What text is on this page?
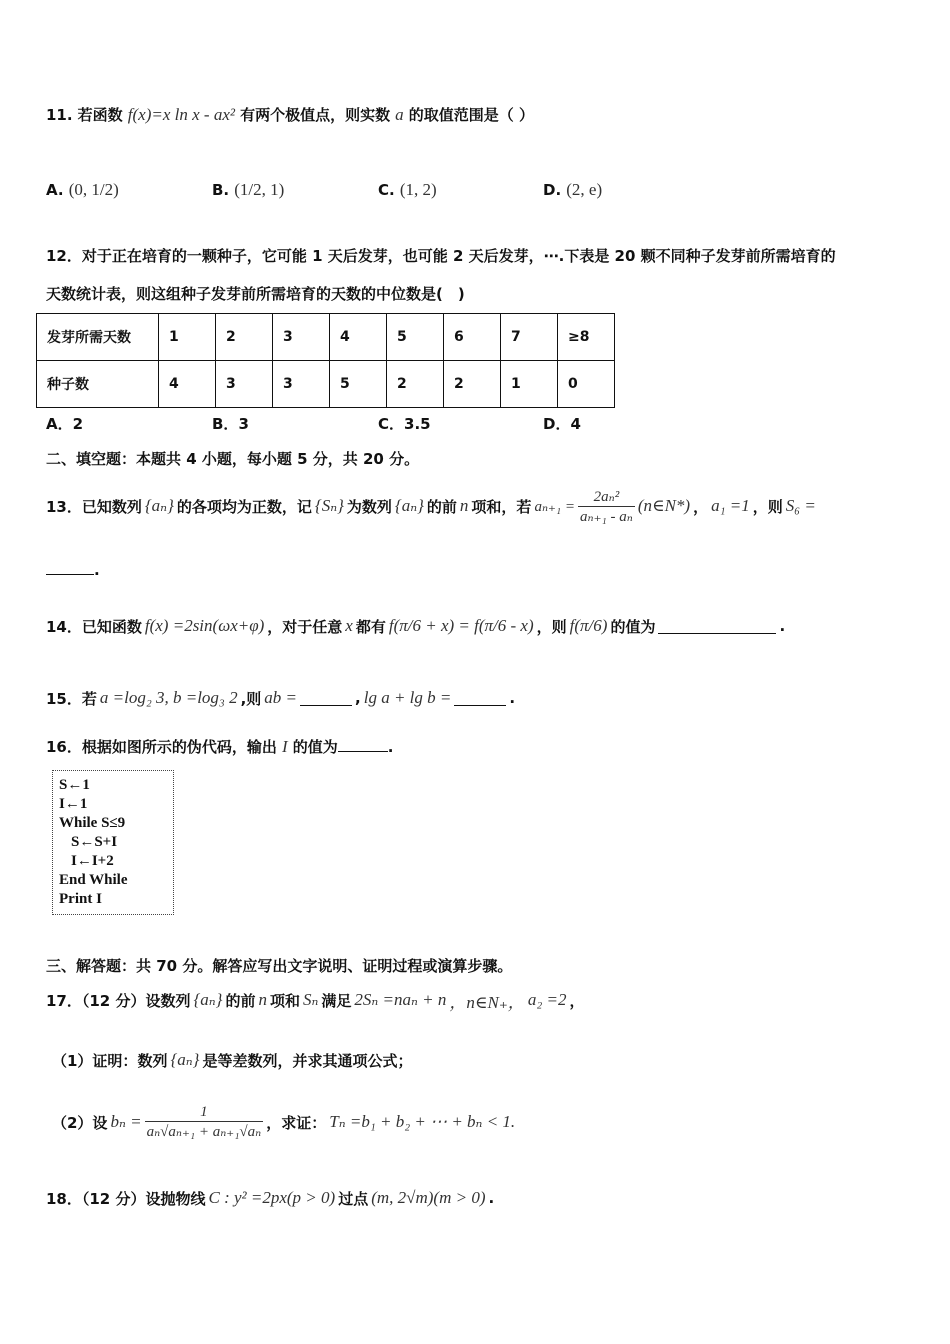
11. 若函数 f(x)=x ln x - ax² 有两个极值点，则实数 a 的取值范围是（ ）
A. (0, 1/2)	B. (1/2, 1)	C. (1, 2)	D. (2, e)
12．对于正在培育的一颗种子，它可能 1 天后发芽，也可能 2 天后发芽，⋯.下表是 20 颗不同种子发芽前所需培育的
天数统计表，则这组种子发芽前所需培育的天数的中位数是(　)
发芽所需天数	1	2	3	4	5	6	7	≥8
种子数	4	3	3	5	2	2	1	0
A．2	B．3	C．3.5	D．4
二、填空题：本题共 4 小题，每小题 5 分，共 20 分。
13．已知数列 {aₙ} 的各项均为正数，记 {Sₙ} 为数列 {aₙ} 的前 n 项和，若 $a_{n+1} = \frac{\text{2aₙ²}}{\text{aₙ₊₁ - aₙ}}$ (n∈N*) ， a₁ =1 ，则 S₆ =
.
14．已知函数 f(x) =2sin(ωx+φ) ，对于任意 x 都有 f(π/6 + x) = f(π/6 - x) ，则 f(π/6) 的值为	.
15．若 a =log₂ 3, b =log₃ 2 ,则 ab =	, lg a + lg b =	.
16．根据如图所示的伪代码，输出 I 的值为	.
S←1
I←1
While S≤9
S←S+I
I←I+2
End While
Print I
三、解答题：共 70 分。解答应写出文字说明、证明过程或演算步骤。
17．（12 分）设数列 {aₙ} 的前 n 项和 Sₙ 满足 2Sₙ =naₙ + n ，n∈N₊， a₂ =2 ，
（1）证明：数列 {aₙ} 是等差数列，并求其通项公式；
（2）设 $b_n = \frac{1}{\text{aₙ√aₙ₊₁ + aₙ₊₁√aₙ}}$ ，求证： Tₙ =b₁ + b₂ + ⋯ + bₙ < 1.
18．（12 分）设抛物线 C : y² =2px(p > 0) 过点 (m, 2√m)(m > 0) .
